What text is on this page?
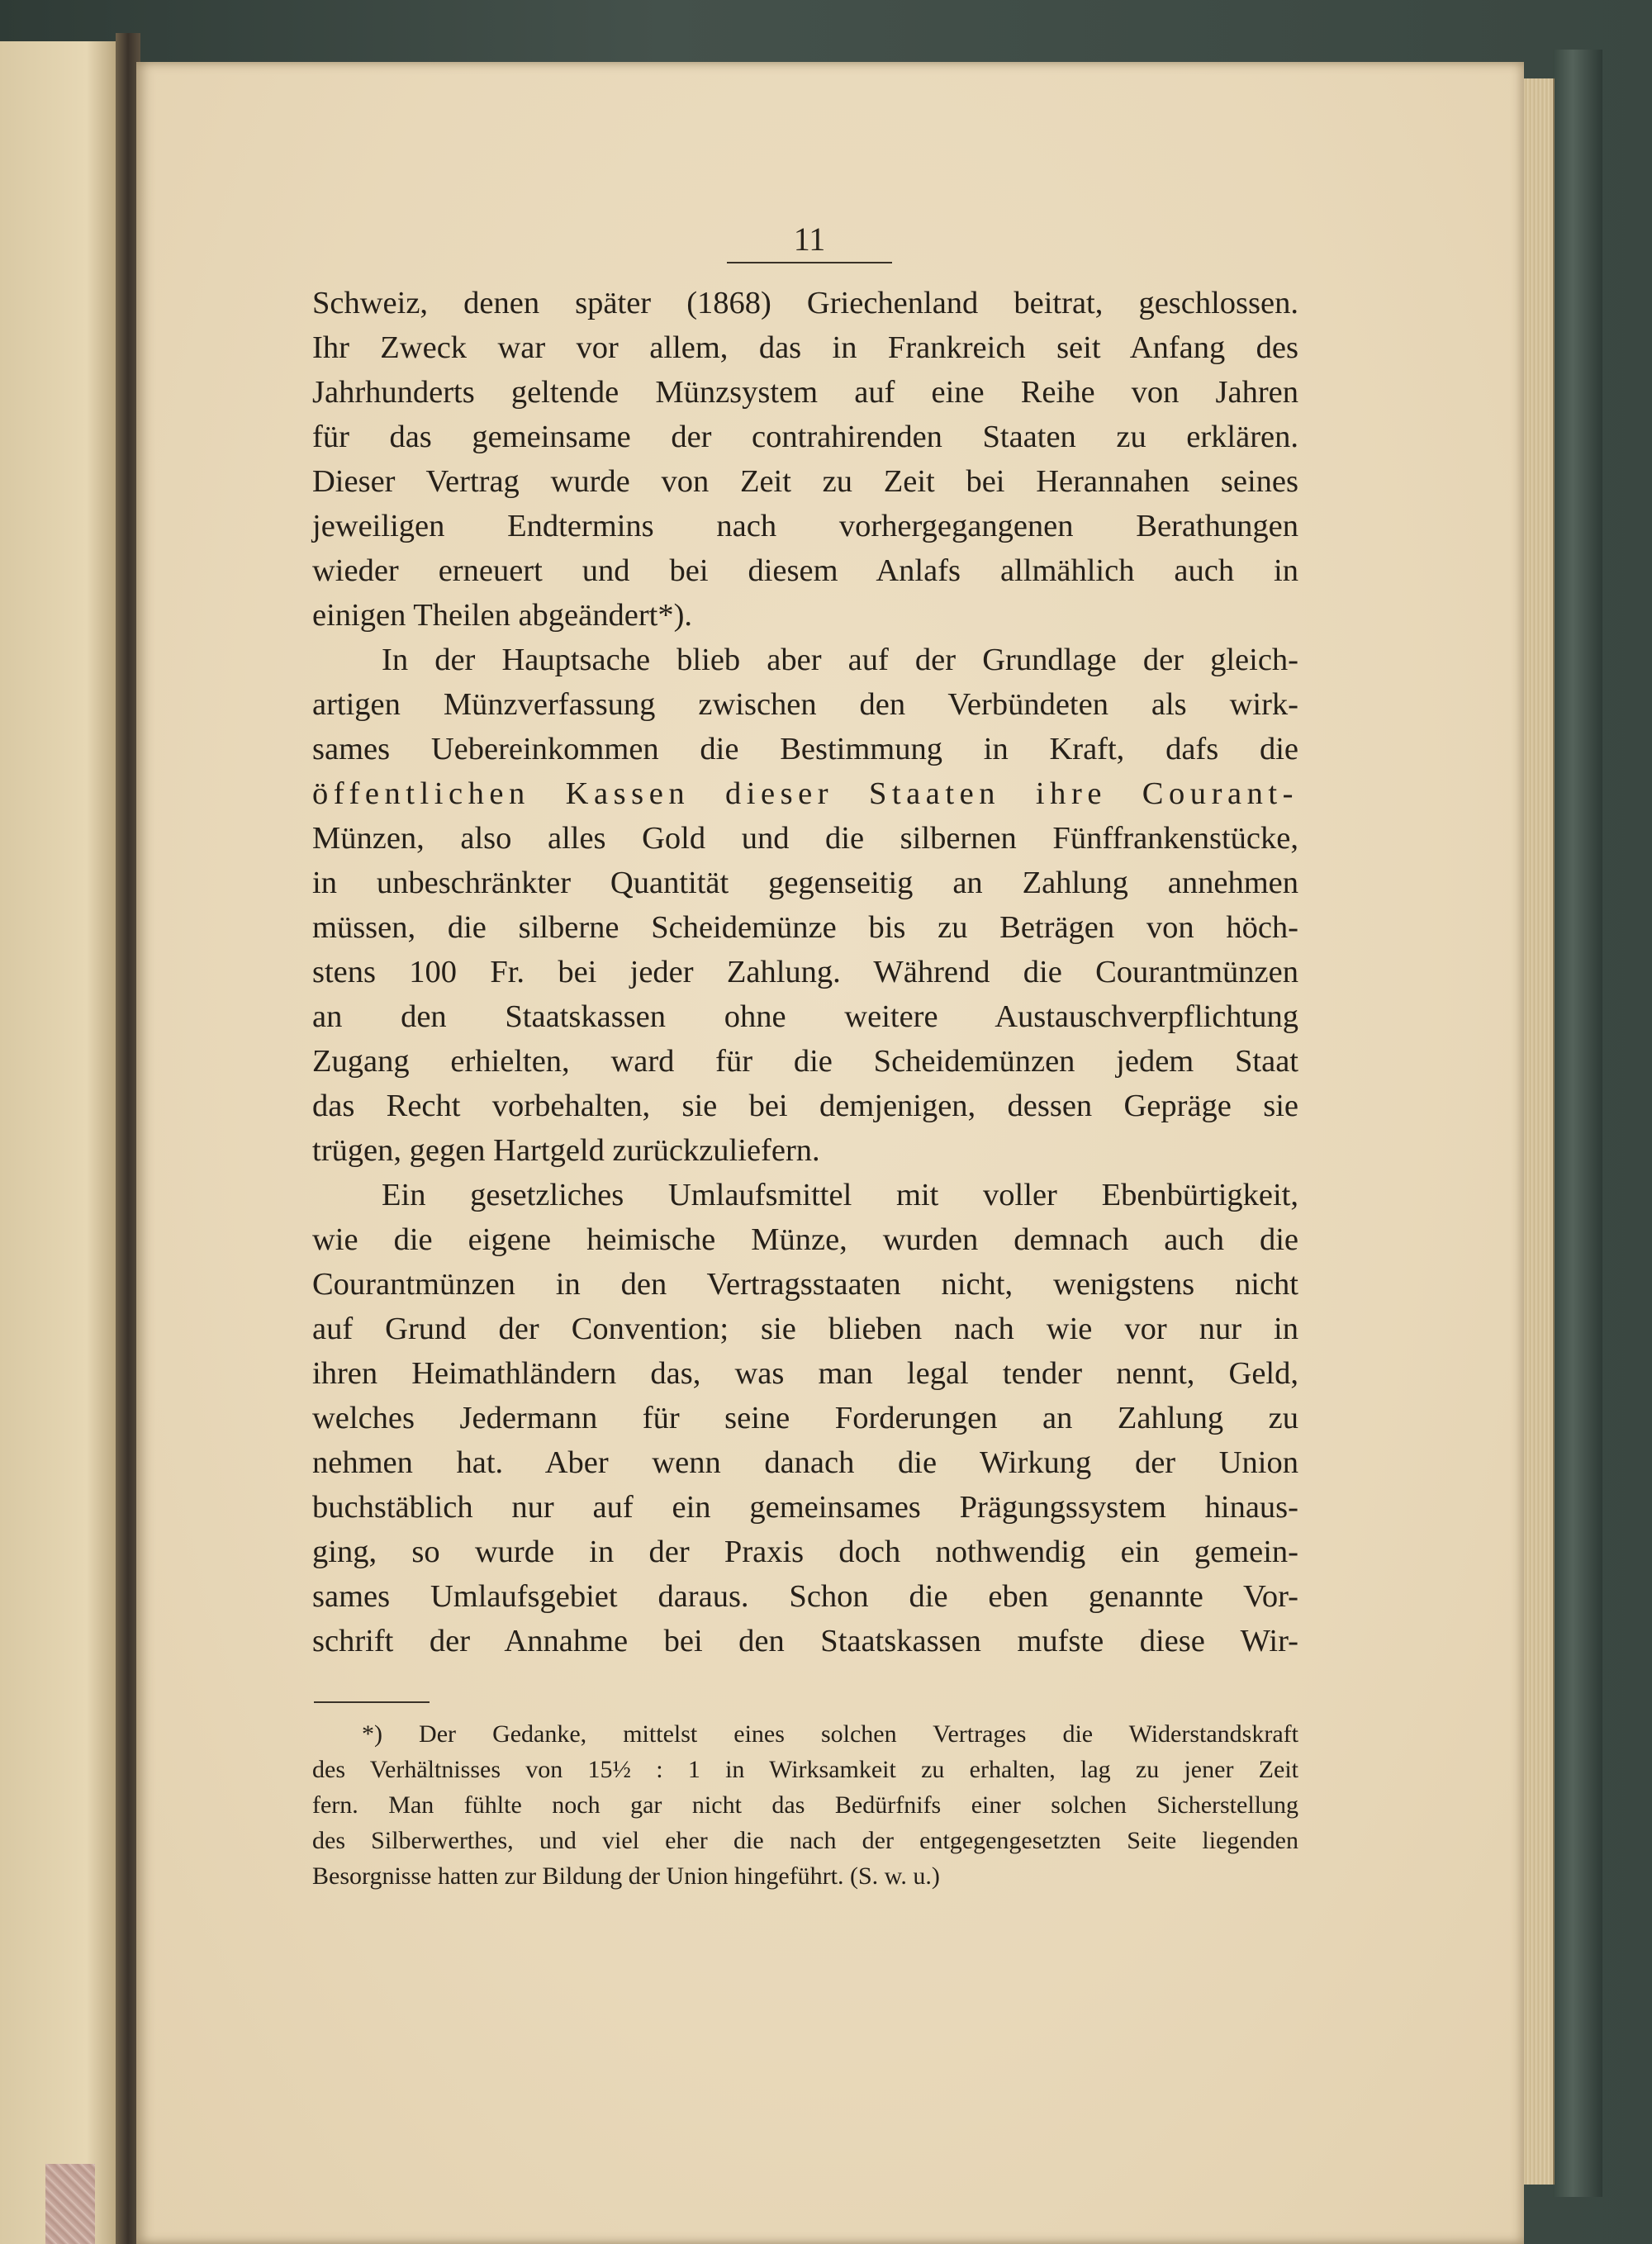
11
Schweiz, denen später (1868) Griechenland beitrat, geschlossen.
Ihr Zweck war vor allem, das in Frankreich seit Anfang des
Jahrhunderts geltende Münzsystem auf eine Reihe von Jahren
für das gemeinsame der contrahirenden Staaten zu erklären.
Dieser Vertrag wurde von Zeit zu Zeit bei Herannahen seines
jeweiligen Endtermins nach vorhergegangenen Berathungen
wieder erneuert und bei diesem Anlafs allmählich auch in
einigen Theilen abgeändert*).
In der Hauptsache blieb aber auf der Grundlage der gleich-
artigen Münzverfassung zwischen den Verbündeten als wirk-
sames Uebereinkommen die Bestimmung in Kraft, dafs die
öffentlichen Kassen dieser Staaten ihre Courant-
Münzen, also alles Gold und die silbernen Fünffrankenstücke,
in unbeschränkter Quantität gegenseitig an Zahlung annehmen
müssen, die silberne Scheidemünze bis zu Beträgen von höch-
stens 100 Fr. bei jeder Zahlung. Während die Courantmünzen
an den Staatskassen ohne weitere Austauschverpflichtung
Zugang erhielten, ward für die Scheidemünzen jedem Staat
das Recht vorbehalten, sie bei demjenigen, dessen Gepräge sie
trügen, gegen Hartgeld zurückzuliefern.
Ein gesetzliches Umlaufsmittel mit voller Ebenbürtigkeit,
wie die eigene heimische Münze, wurden demnach auch die
Courantmünzen in den Vertragsstaaten nicht, wenigstens nicht
auf Grund der Convention; sie blieben nach wie vor nur in
ihren Heimathländern das, was man legal tender nennt, Geld,
welches Jedermann für seine Forderungen an Zahlung zu
nehmen hat. Aber wenn danach die Wirkung der Union
buchstäblich nur auf ein gemeinsames Prägungssystem hinaus-
ging, so wurde in der Praxis doch nothwendig ein gemein-
sames Umlaufsgebiet daraus. Schon die eben genannte Vor-
schrift der Annahme bei den Staatskassen mufste diese Wir-
*) Der Gedanke, mittelst eines solchen Vertrages die Widerstandskraft
des Verhältnisses von 15½ : 1 in Wirksamkeit zu erhalten, lag zu jener Zeit
fern. Man fühlte noch gar nicht das Bedürfnifs einer solchen Sicherstellung
des Silberwerthes, und viel eher die nach der entgegengesetzten Seite liegenden
Besorgnisse hatten zur Bildung der Union hingeführt. (S. w. u.)
